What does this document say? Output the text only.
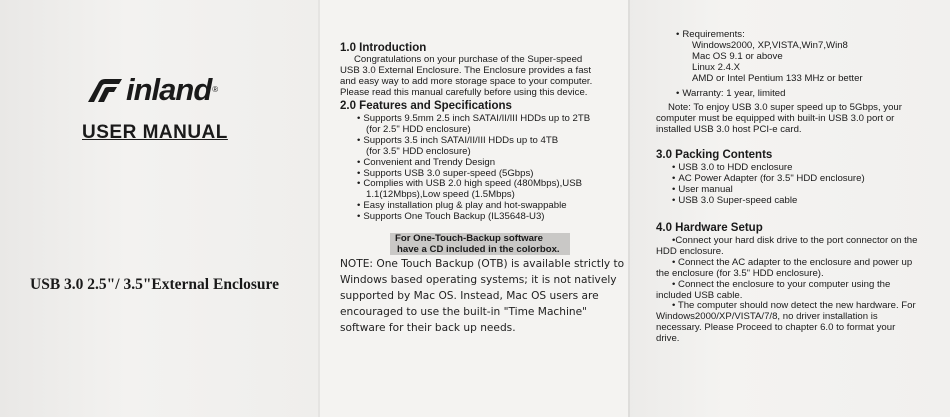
inland ®
USER MANUAL
USB 3.0 2.5"/ 3.5"External Enclosure
1.0 Introduction
Congratulations on your purchase of the Super-speed
USB 3.0 External Enclosure. The Enclosure provides a fast
and easy way to add more storage space to your computer.
Please read this manual carefully before using this device.
2.0 Features and Specifications
• Supports 9.5mm 2.5 inch SATAI/II/III HDDs up to 2TB
(for 2.5" HDD enclosure)
• Supports 3.5 inch SATAI/II/III HDDs up to 4TB
(for 3.5" HDD enclosure)
• Convenient and Trendy Design
• Supports USB 3.0 super-speed (5Gbps)
• Complies with USB 2.0 high speed (480Mbps),USB
1.1(12Mbps),Low speed (1.5Mbps)
• Easy installation plug & play and hot-swappable
• Supports One Touch Backup (IL35648-U3)
For One-Touch-Backup software
have a CD included in the colorbox.
NOTE: One Touch Backup (OTB) is available strictly to
Windows based operating systems; it is not natively
supported by Mac OS. Instead, Mac OS users are
encouraged to use the built-in "Time Machine"
software for their back up needs.
• Requirements:
Windows2000, XP,VISTA,Win7,Win8
Mac OS 9.1 or above
Linux 2.4.X
AMD or Intel Pentium 133 MHz or better
• Warranty: 1 year, limited
Note: To enjoy USB 3.0 super speed up to 5Gbps, your
computer must be equipped with built-in USB 3.0 port or
installed USB 3.0 host PCI-e card.
3.0 Packing Contents
• USB 3.0 to HDD enclosure
• AC Power Adapter (for 3.5" HDD enclosure)
• User manual
• USB 3.0 Super-speed cable
4.0 Hardware Setup
•Connect your hard disk drive to the port connector on the
HDD enclosure.
• Connect the AC adapter to the enclosure and power up
the enclosure (for 3.5" HDD enclosure).
• Connect the enclosure to your computer using the
included USB cable.
• The computer should now detect the new hardware. For
Windows2000/XP/VISTA/7/8, no driver installation is
necessary. Please Proceed to chapter 6.0 to format your
drive.
